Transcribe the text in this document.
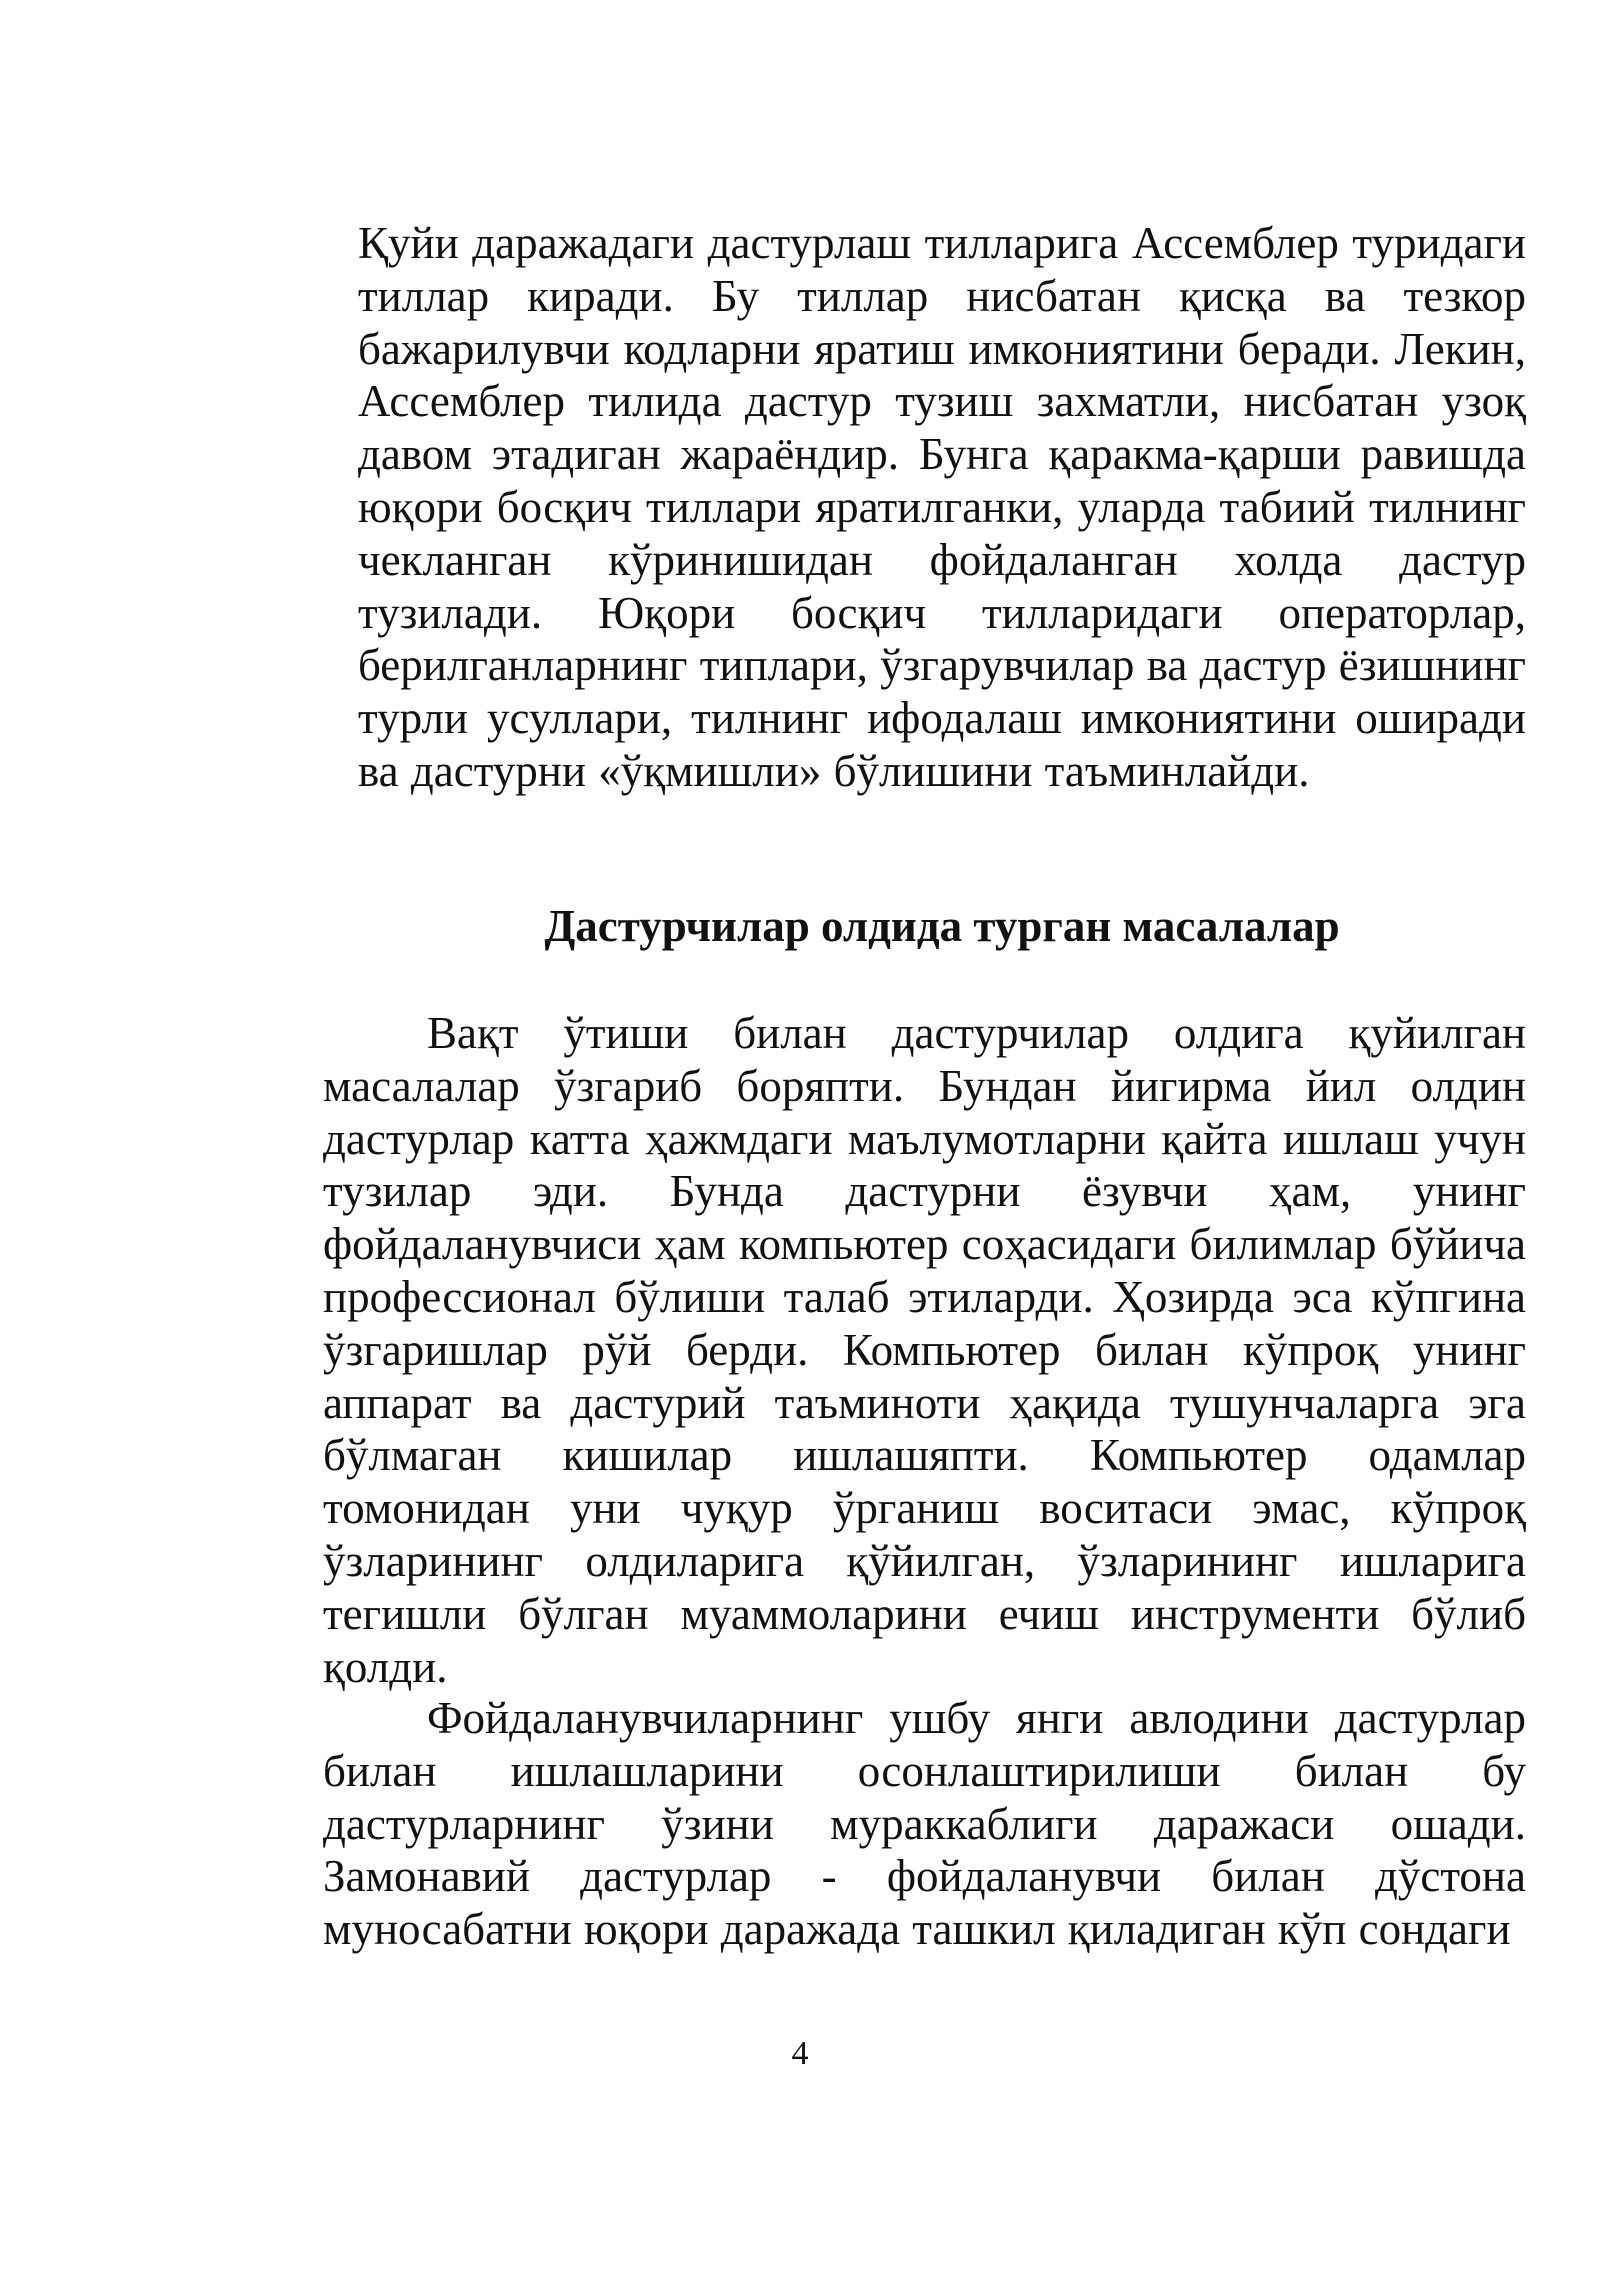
Қуйи даражадаги дастурлаш тилларига Ассемблер туридаги тиллар киради. Бу тиллар нисбатан қисқа ва тезкор бажарилувчи кодларни яратиш имкониятини беради. Лекин, Ассемблер тилида дастур тузиш захматли, нисбатан узоқ давом этадиган жараёндир. Бунга қаракма-қарши равишда юқори босқич тиллари яратилганки, уларда табиий тилнинг чекланган кўринишидан фойдаланган холда дастур тузилади. Юқори босқич тилларидаги операторлар, берилганларнинг типлари, ўзгарувчилар ва дастур ёзишнинг турли усуллари, тилнинг ифодалаш имкониятини оширади ва дастурни «ўқмишли» бўлишини таъминлайди.

Дастурчилар олдида турган масалалар

Вақт ўтиши билан дастурчилар олдига қуйилган масалалар ўзгариб боряпти. Бундан йигирма йил олдин дастурлар катта ҳажмдаги маълумотларни қайта ишлаш учун тузилар эди. Бунда дастурни ёзувчи ҳам, унинг фойдаланувчиси ҳам компьютер соҳасидаги билимлар бўйича профессионал бўлиши талаб этиларди. Ҳозирда эса кўпгина ўзгаришлар рўй берди. Компьютер билан кўпроқ унинг аппарат ва дастурий таъминоти ҳақида тушунчаларга эга бўлмаган кишилар ишлашяпти. Компьютер одамлар томонидан уни чуқур ўрганиш воситаси эмас, кўпроқ ўзларининг олдиларига қўйилган, ўзларининг ишларига тегишли бўлган муаммоларини ечиш инструменти бўлиб қолди.

Фойдаланувчиларнинг ушбу янги авлодини дастурлар билан ишлашларини осонлаштирилиши билан бу дастурларнинг ўзини мураккаблиги даражаси ошади. Замонавий дастурлар - фойдаланувчи билан дўстона муносабатни юқори даражада ташкил қиладиган кўп сондаги

4
